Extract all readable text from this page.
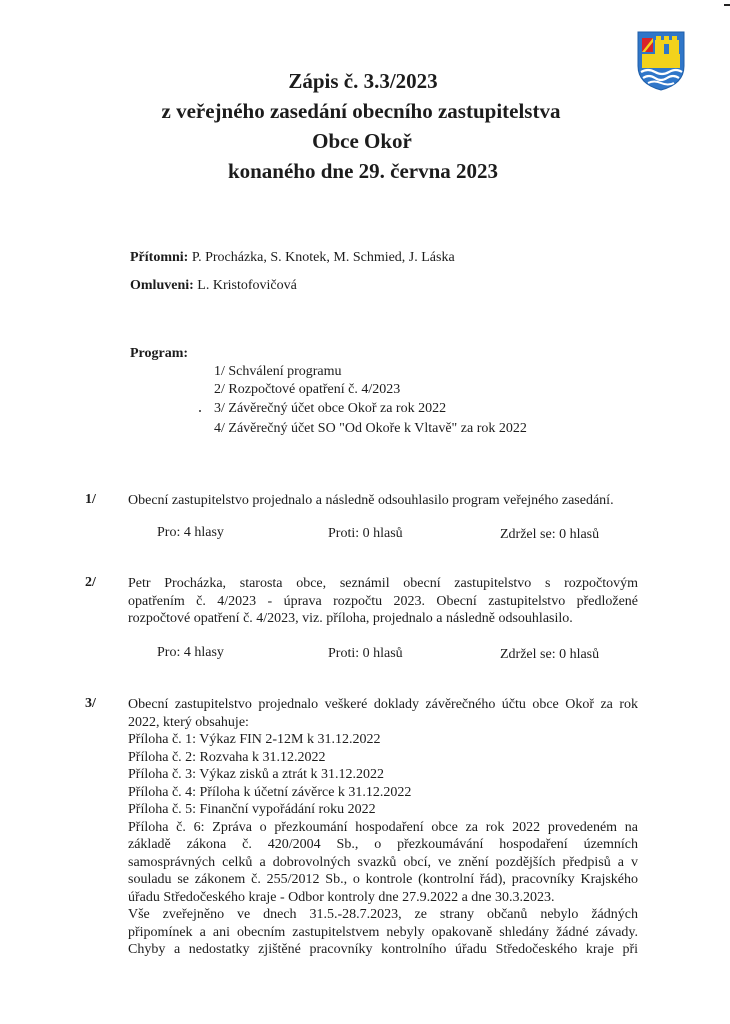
Zápis č. 3.3/2023
z veřejného zasedání obecního zastupitelstva
Obce Okoř
konaného dne 29. června 2023
Přítomni: P. Procházka, S. Knotek, M. Schmied, J. Láska
Omluveni: L. Kristofovičová
Program:
1/ Schválení programu
2/ Rozpočtové opatření č. 4/2023
3/ Závěrečný účet obce Okoř za rok 2022
4/ Závěrečný účet SO "Od Okoře k Vltavě" za rok 2022
1/ Obecní zastupitelstvo projednalo a následně odsouhlasilo program veřejného zasedání.
Pro: 4 hlasy	Proti: 0 hlasů	Zdržel se: 0 hlasů
2/ Petr Procházka, starosta obce, seznámil obecní zastupitelstvo s rozpočtovým
opatřením č. 4/2023 - úprava rozpočtu 2023. Obecní zastupitelstvo předložené
rozpočtové opatření č. 4/2023, viz. příloha, projednalo a následně odsouhlasilo.
Pro: 4 hlasy	Proti: 0 hlasů	Zdržel se: 0 hlasů
3/ Obecní zastupitelstvo projednalo veškeré doklady závěrečného účtu obce Okoř za rok
2022, který obsahuje:
Příloha č. 1: Výkaz FIN 2-12M k 31.12.2022
Příloha č. 2: Rozvaha k 31.12.2022
Příloha č. 3: Výkaz zisků a ztrát k 31.12.2022
Příloha č. 4: Příloha k účetní závěrce k 31.12.2022
Příloha č. 5: Finanční vypořádání roku 2022
Příloha č. 6: Zpráva o přezkoumání hospodaření obce za rok 2022 provedeném na
základě zákona č. 420/2004 Sb., o přezkoumávání hospodaření územních
samosprávných celků a dobrovolných svazků obcí, ve znění pozdějších předpisů a v
souladu se zákonem č. 255/2012 Sb., o kontrole (kontrolní řád), pracovníky Krajského
úřadu Středočeského kraje - Odbor kontroly dne 27.9.2022 a dne 30.3.2023.
Vše zveřejněno ve dnech 31.5.-28.7.2023, ze strany občanů nebylo žádných
připomínek a ani obecním zastupitelstvem nebyly opakovaně shledány žádné závady.
Chyby a nedostatky zjištěné pracovníky kontrolního úřadu Středočeského kraje při
